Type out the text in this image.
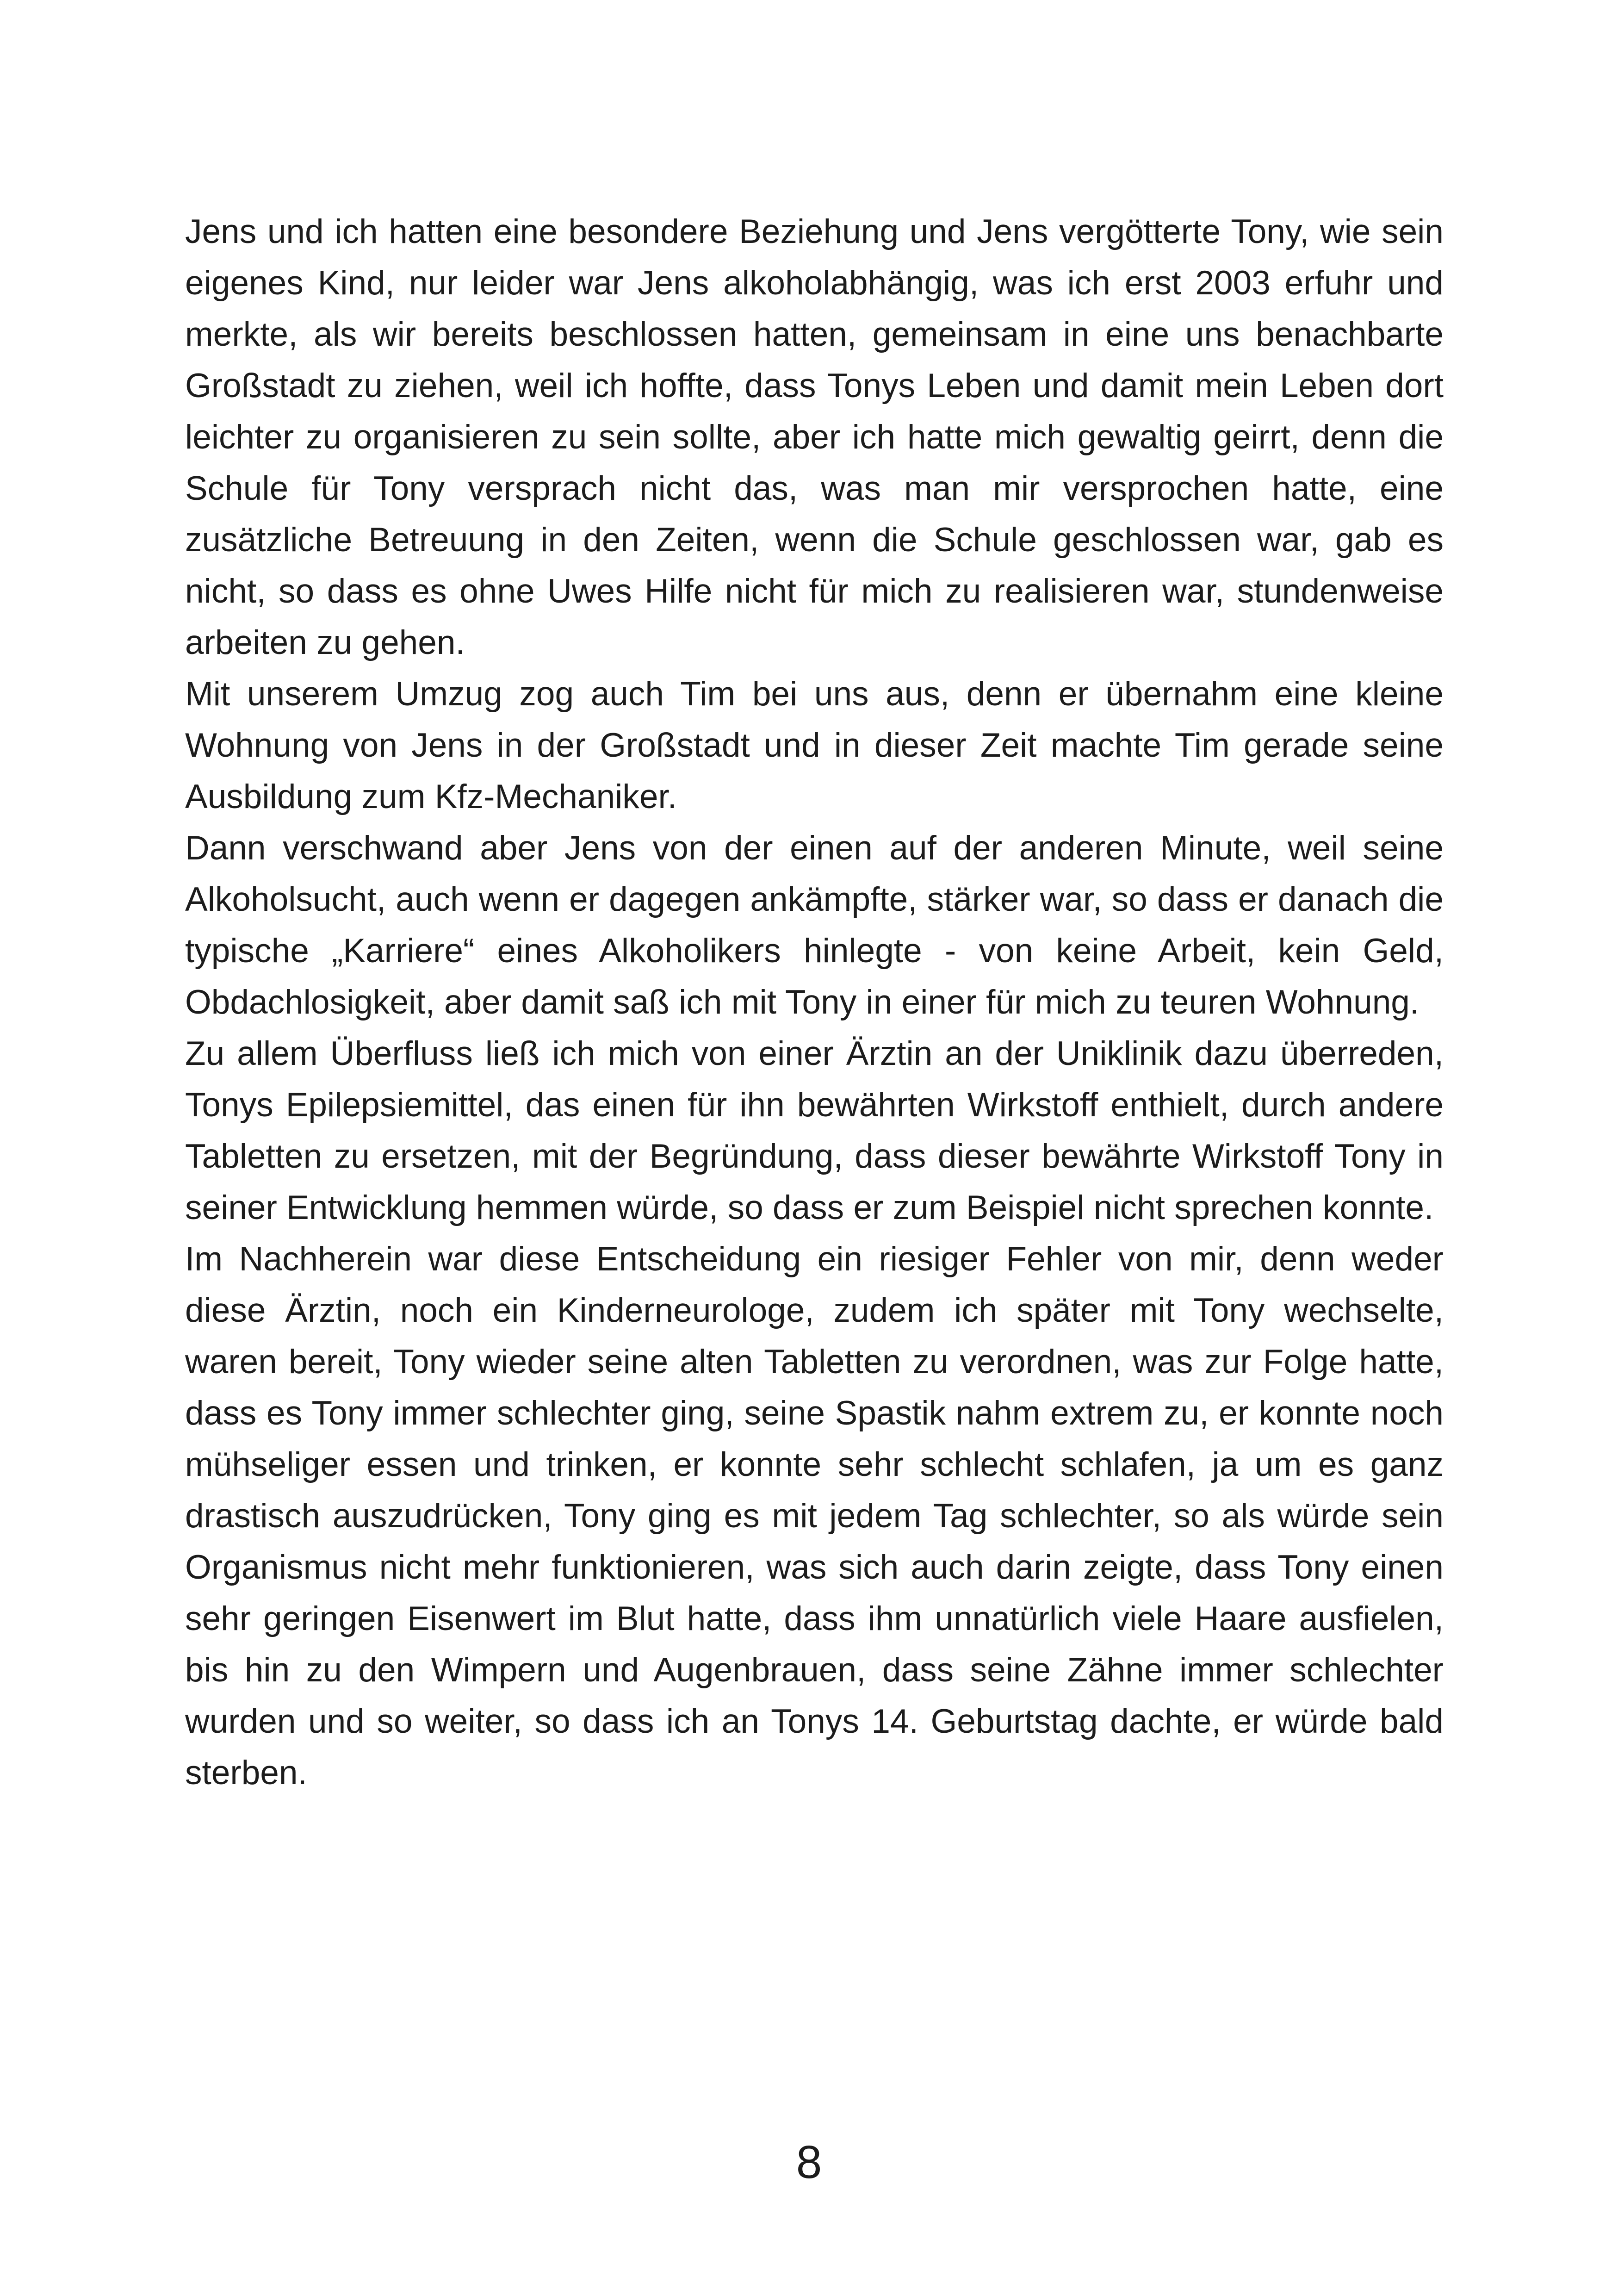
Jens und ich hatten eine besondere Beziehung und Jens vergötterte Tony, wie sein eigenes Kind, nur leider war Jens alkoholabhängig, was ich erst 2003 erfuhr und merkte, als wir bereits beschlossen hatten, gemeinsam in eine uns benachbarte Großstadt zu ziehen, weil ich hoffte, dass Tonys Leben und damit mein Leben dort leichter zu organisieren zu sein sollte, aber ich hatte mich gewaltig geirrt, denn die Schule für Tony versprach nicht das, was man mir versprochen hatte, eine zusätzliche Betreuung in den Zeiten, wenn die Schule geschlossen war, gab es nicht, so dass es ohne Uwes Hilfe nicht für mich zu realisieren war, stundenweise arbeiten zu gehen.

Mit unserem Umzug zog auch Tim bei uns aus, denn er übernahm eine kleine Wohnung von Jens in der Großstadt und in dieser Zeit machte Tim gerade seine Ausbildung zum Kfz-Mechaniker.

Dann verschwand aber Jens von der einen auf der anderen Minute, weil seine Alkoholsucht, auch wenn er dagegen ankämpfte, stärker war, so dass er danach die typische „Karriere“ eines Alkoholikers hinlegte - von keine Arbeit, kein Geld, Obdachlosigkeit, aber damit saß ich mit Tony in einer für mich zu teuren Wohnung.

Zu allem Überfluss ließ ich mich von einer Ärztin an der Uniklinik dazu überreden, Tonys Epilepsiemittel, das einen für ihn bewährten Wirkstoff enthielt, durch andere Tabletten zu ersetzen, mit der Begründung, dass dieser bewährte Wirkstoff Tony in seiner Entwicklung hemmen würde, so dass er zum Beispiel nicht sprechen konnte.

Im Nachherein war diese Entscheidung ein riesiger Fehler von mir, denn weder diese Ärztin, noch ein Kinderneurologe, zudem ich später mit Tony wechselte, waren bereit, Tony wieder seine alten Tabletten zu verordnen, was zur Folge hatte, dass es Tony immer schlechter ging, seine Spastik nahm extrem zu, er konnte noch mühseliger essen und trinken, er konnte sehr schlecht schlafen, ja um es ganz drastisch auszudrücken, Tony ging es mit jedem Tag schlechter, so als würde sein Organismus nicht mehr funktionieren, was sich auch darin zeigte, dass Tony einen sehr geringen Eisenwert im Blut hatte, dass ihm unnatürlich viele Haare ausfielen, bis hin zu den Wimpern und Augenbrauen, dass seine Zähne immer schlechter wurden und so weiter, so dass ich an Tonys 14. Geburtstag dachte, er würde bald sterben.

8
